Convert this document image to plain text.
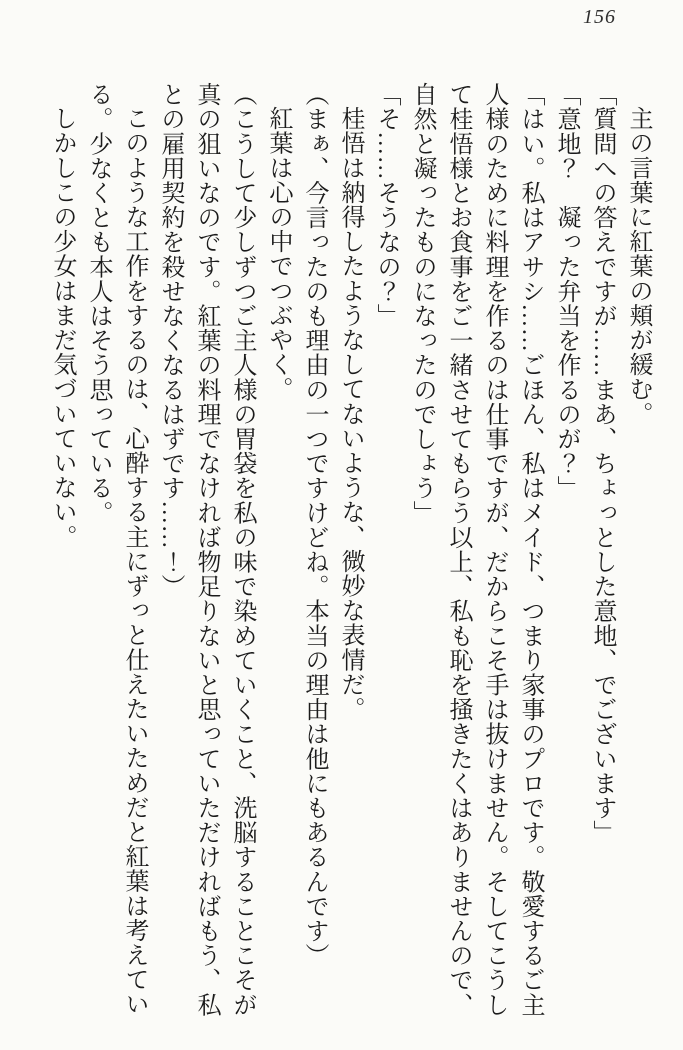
156
主の言葉に紅葉の頬が緩む。
「質問への答えですが……まあ、ちょっとした意地、でございます」
「意地？　凝った弁当を作るのが？」
「はい。私はアサシ……ごほん、私はメイド、つまり家事のプロです。敬愛するご主
人様のために料理を作るのは仕事ですが、だからこそ手は抜けません。そしてこうし
て桂悟様とお食事をご一緒させてもらう以上、私も恥を掻きたくはありませんので、
自然と凝ったものになったのでしょう」
「そ……そうなの？」
桂悟は納得したようなしてないような、微妙な表情だ。
（まぁ、今言ったのも理由の一つですけどね。本当の理由は他にもあるんです）
紅葉は心の中でつぶやく。
（こうして少しずつご主人様の胃袋を私の味で染めていくこと、洗脳することこそが
真の狙いなのです。紅葉の料理でなければ物足りないと思っていただければもう、私
との雇用契約を殺せなくなるはずです……！）
このような工作をするのは、心酔する主にずっと仕えたいためだと紅葉は考えてい
る。少なくとも本人はそう思っている。
しかしこの少女はまだ気づいていない。
